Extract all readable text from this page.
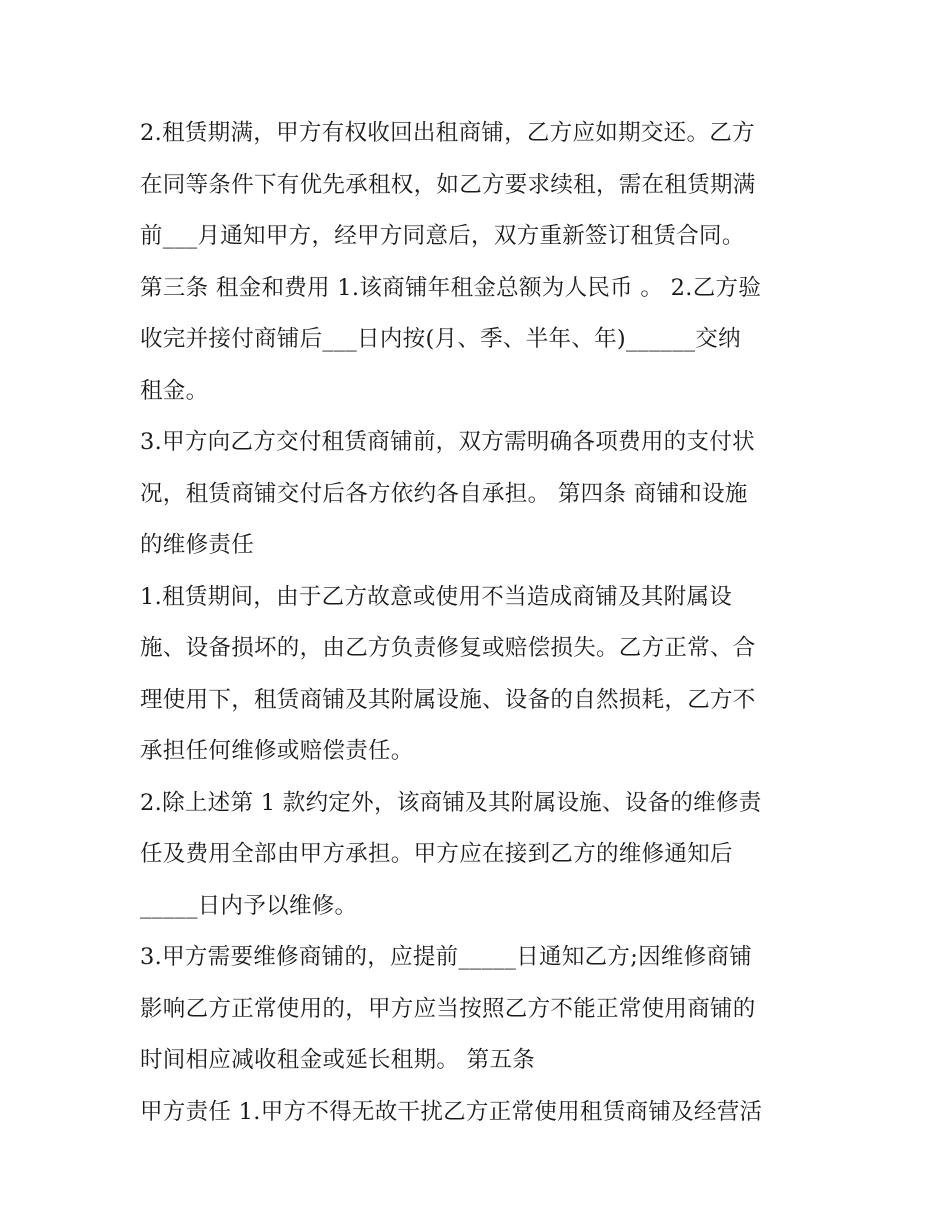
2.租赁期满，甲方有权收回出租商铺，乙方应如期交还。乙方
在同等条件下有优先承租权，如乙方要求续租，需在租赁期满
前___月通知甲方，经甲方同意后，双方重新签订租赁合同。
第三条 租金和费用 1.该商铺年租金总额为人民币 。 2.乙方验
收完并接付商铺后___日内按(月、季、半年、年)______交纳
租金。
3.甲方向乙方交付租赁商铺前，双方需明确各项费用的支付状
况，租赁商铺交付后各方依约各自承担。 第四条 商铺和设施
的维修责任
1.租赁期间，由于乙方故意或使用不当造成商铺及其附属设
施、设备损坏的，由乙方负责修复或赔偿损失。乙方正常、合
理使用下，租赁商铺及其附属设施、设备的自然损耗，乙方不
承担任何维修或赔偿责任。
2.除上述第 1 款约定外，该商铺及其附属设施、设备的维修责
任及费用全部由甲方承担。甲方应在接到乙方的维修通知后
_____日内予以维修。
3.甲方需要维修商铺的，应提前_____日通知乙方;因维修商铺
影响乙方正常使用的，甲方应当按照乙方不能正常使用商铺的
时间相应减收租金或延长租期。 第五条
甲方责任 1.甲方不得无故干扰乙方正常使用租赁商铺及经营活
